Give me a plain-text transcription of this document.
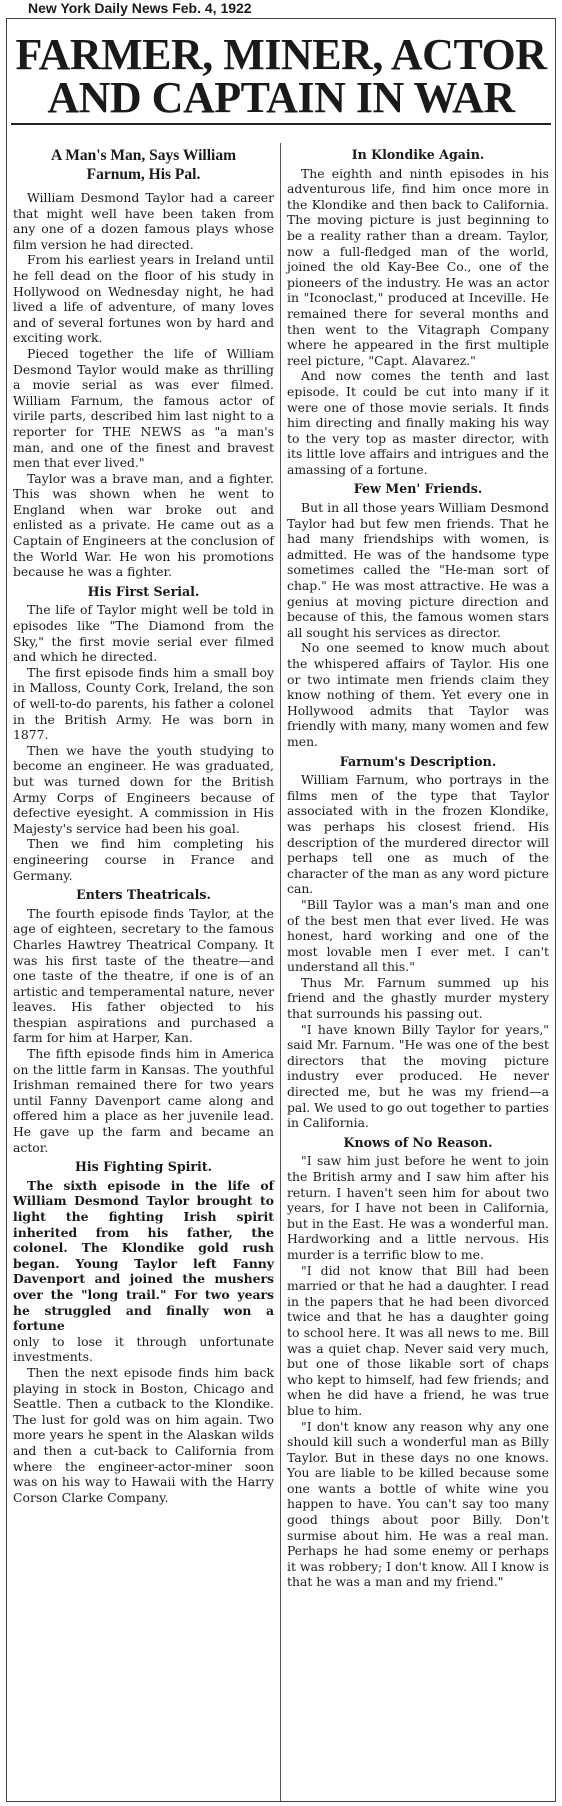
New York Daily News Feb. 4, 1922
FARMER, MINER, ACTOR
AND CAPTAIN IN WAR
A Man's Man, Says William
Farnum, His Pal.

William Desmond Taylor had a career that might well have been taken from any one of a dozen famous plays whose film version he had directed.

From his earliest years in Ireland until he fell dead on the floor of his study in Hollywood on Wednesday night, he had lived a life of adventure, of many loves and of several fortunes won by hard and exciting work.

Pieced together the life of William Desmond Taylor would make as thrilling a movie serial as was ever filmed. William Farnum, the famous actor of virile parts, described him last night to a reporter for THE NEWS as "a man's man, and one of the finest and bravest men that ever lived."

Taylor was a brave man, and a fighter. This was shown when he went to England when war broke out and enlisted as a private. He came out as a Captain of Engineers at the conclusion of the World War. He won his promotions because he was a fighter.

His First Serial.

The life of Taylor might well be told in episodes like "The Diamond from the Sky," the first movie serial ever filmed and which he directed.

The first episode finds him a small boy in Malloss, County Cork, Ireland, the son of well-to-do parents, his father a colonel in the British Army. He was born in 1877.

Then we have the youth studying to become an engineer. He was graduated, but was turned down for the British Army Corps of Engineers because of defective eyesight. A commission in His Majesty's service had been his goal.

Then we find him completing his engineering course in France and Germany.

Enters Theatricals.

The fourth episode finds Taylor, at the age of eighteen, secretary to the famous Charles Hawtrey Theatrical Company. It was his first taste of the theatre—and one taste of the theatre, if one is of an artistic and temperamental nature, never leaves. His father objected to his thespian aspirations and purchased a farm for him at Harper, Kan.

The fifth episode finds him in America on the little farm in Kansas. The youthful Irishman remained there for two years until Fanny Davenport came along and offered him a place as her juvenile lead. He gave up the farm and became an actor.

His Fighting Spirit.

The sixth episode in the life of William Desmond Taylor brought to light the fighting Irish spirit inherited from his father, the colonel. The Klondike gold rush began. Young Taylor left Fanny Davenport and joined the mushers over the "long trail." For two years he struggled and finally won a fortune

only to lose it through unfortunate investments.

Then the next episode finds him back playing in stock in Boston, Chicago and Seattle. Then a cutback to the Klondike. The lust for gold was on him again. Two more years he spent in the Alaskan wilds and then a cut-back to California from where the engineer-actor-miner soon was on his way to Hawaii with the Harry Corson Clarke Company.

In Klondike Again.

The eighth and ninth episodes in his adventurous life, find him once more in the Klondike and then back to California. The moving picture is just beginning to be a reality rather than a dream. Taylor, now a full-fledged man of the world, joined the old Kay-Bee Co., one of the pioneers of the industry. He was an actor in "Iconoclast," produced at Inceville. He remained there for several months and then went to the Vitagraph Company where he appeared in the first multiple reel picture, "Capt. Alavarez."

And now comes the tenth and last episode. It could be cut into many if it were one of those movie serials. It finds him directing and finally making his way to the very top as master director, with its little love affairs and intrigues and the amassing of a fortune.

Few Men' Friends.

But in all those years William Desmond Taylor had but few men friends. That he had many friendships with women, is admitted. He was of the handsome type sometimes called the "He-man sort of chap." He was most attractive. He was a genius at moving picture direction and because of this, the famous women stars all sought his services as director.

No one seemed to know much about the whispered affairs of Taylor. His one or two intimate men friends claim they know nothing of them. Yet every one in Hollywood admits that Taylor was friendly with many, many women and few men.

Farnum's Description.

William Farnum, who portrays in the films men of the type that Taylor associated with in the frozen Klondike, was perhaps his closest friend. His description of the murdered director will perhaps tell one as much of the character of the man as any word picture can.

"Bill Taylor was a man's man and one of the best men that ever lived. He was honest, hard working and one of the most lovable men I ever met. I can't understand all this."

Thus Mr. Farnum summed up his friend and the ghastly murder mystery that surrounds his passing out.

"I have known Billy Taylor for years," said Mr. Farnum. "He was one of the best directors that the moving picture industry ever produced. He never directed me, but he was my friend—a pal. We used to go out together to parties in California.

Knows of No Reason.

"I saw him just before he went to join the British army and I saw him after his return. I haven't seen him for about two years, for I have not been in California, but in the East. He was a wonderful man. Hardworking and a little nervous. His murder is a terrific blow to me.

"I did not know that Bill had been married or that he had a daughter. I read in the papers that he had been divorced twice and that he has a daughter going to school here. It was all news to me. Bill was a quiet chap. Never said very much, but one of those likable sort of chaps who kept to himself, had few friends; and when he did have a friend, he was true blue to him.

"I don't know any reason why any one should kill such a wonderful man as Billy Taylor. But in these days no one knows. You are liable to be killed because some one wants a bottle of white wine you happen to have. You can't say too many good things about poor Billy. Don't surmise about him. He was a real man. Perhaps he had some enemy or perhaps it was robbery; I don't know. All I know is that he was a man and my friend."
